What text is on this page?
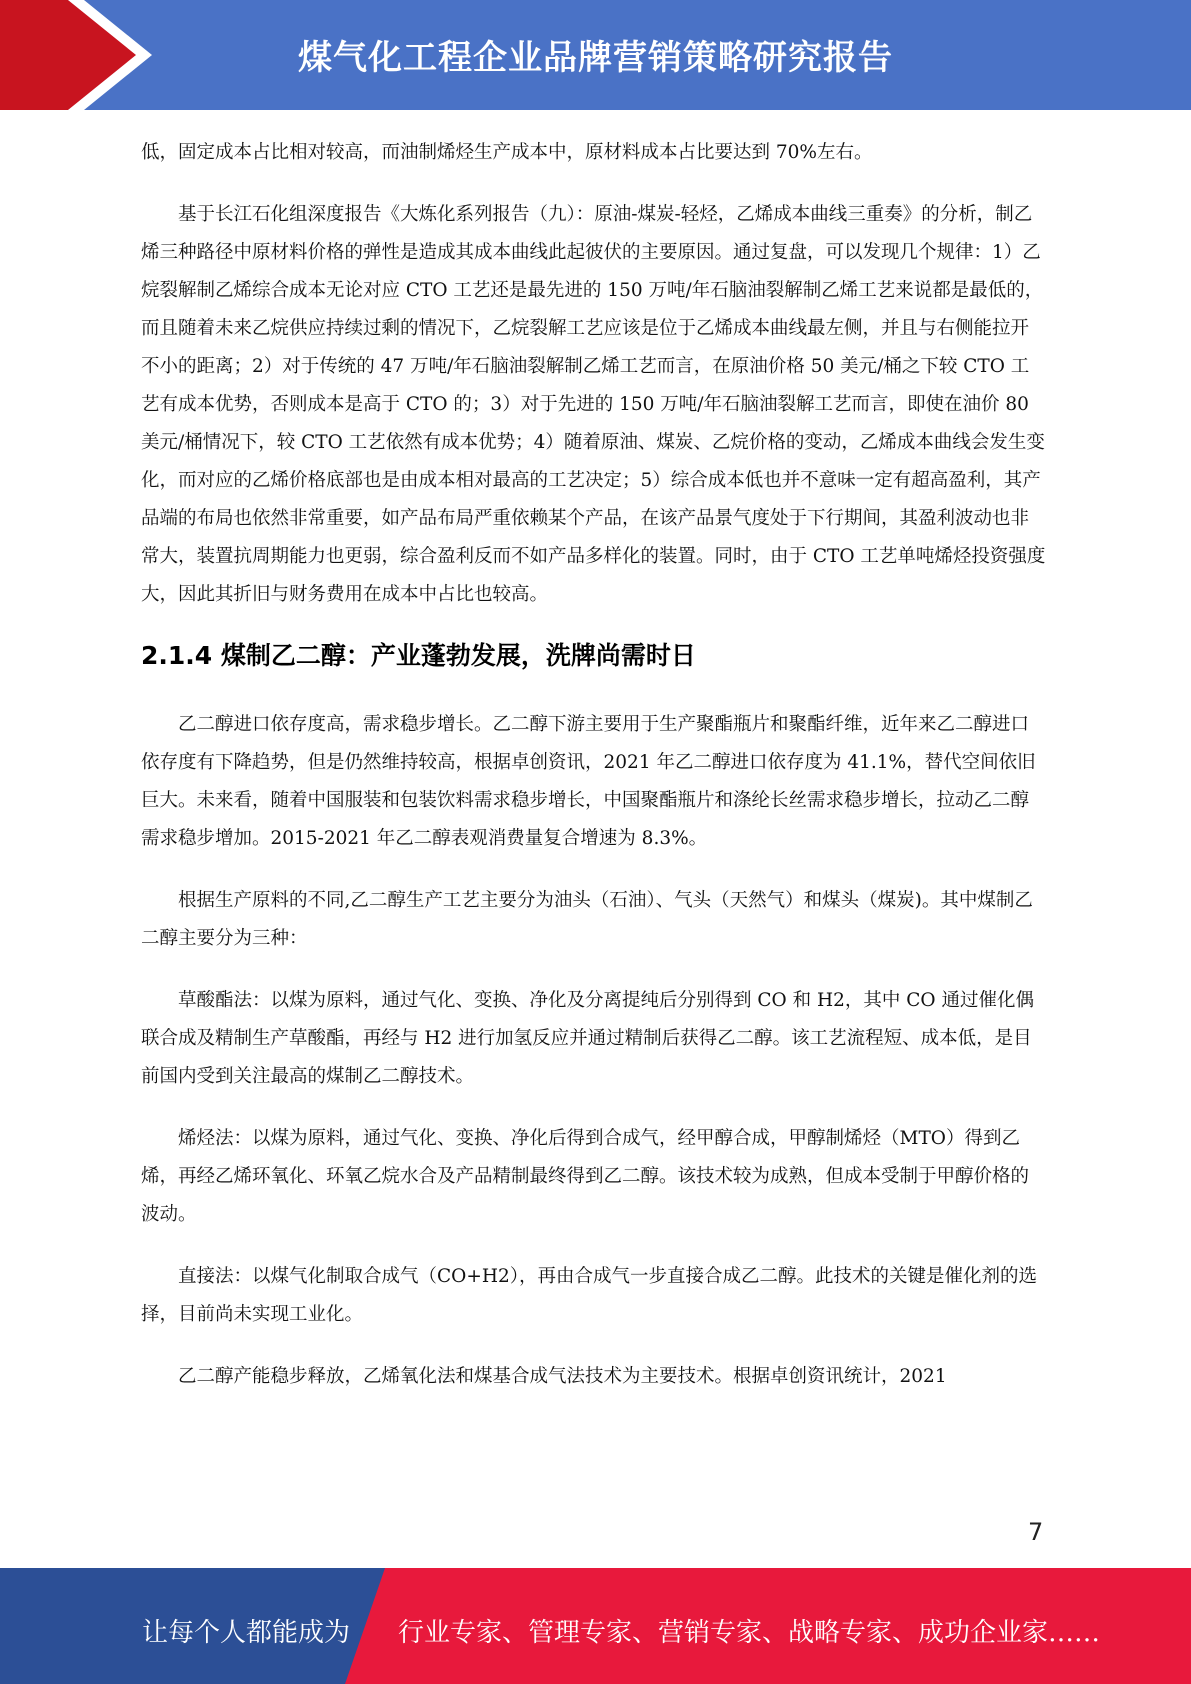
煤气化工程企业品牌营销策略研究报告

低，固定成本占比相对较高，而油制烯烃生产成本中，原材料成本占比要达到 70%左右。

基于长江石化组深度报告《大炼化系列报告（九）：原油-煤炭-轻烃，乙烯成本曲线三重奏》的分析，制乙烯三种路径中原材料价格的弹性是造成其成本曲线此起彼伏的主要原因。通过复盘，可以发现几个规律：1）乙烷裂解制乙烯综合成本无论对应 CTO 工艺还是最先进的 150 万吨/年石脑油裂解制乙烯工艺来说都是最低的，而且随着未来乙烷供应持续过剩的情况下，乙烷裂解工艺应该是位于乙烯成本曲线最左侧，并且与右侧能拉开不小的距离；2）对于传统的 47 万吨/年石脑油裂解制乙烯工艺而言，在原油价格 50 美元/桶之下较 CTO 工艺有成本优势，否则成本是高于 CTO 的；3）对于先进的 150 万吨/年石脑油裂解工艺而言，即使在油价 80 美元/桶情况下，较 CTO 工艺依然有成本优势；4）随着原油、煤炭、乙烷价格的变动，乙烯成本曲线会发生变化，而对应的乙烯价格底部也是由成本相对最高的工艺决定；5）综合成本低也并不意味一定有超高盈利，其产品端的布局也依然非常重要，如产品布局严重依赖某个产品，在该产品景气度处于下行期间，其盈利波动也非常大，装置抗周期能力也更弱，综合盈利反而不如产品多样化的装置。同时，由于 CTO 工艺单吨烯烃投资强度大，因此其折旧与财务费用在成本中占比也较高。

2.1.4 煤制乙二醇：产业蓬勃发展，洗牌尚需时日

乙二醇进口依存度高，需求稳步增长。乙二醇下游主要用于生产聚酯瓶片和聚酯纤维，近年来乙二醇进口依存度有下降趋势，但是仍然维持较高，根据卓创资讯，2021 年乙二醇进口依存度为 41.1%，替代空间依旧巨大。未来看，随着中国服装和包装饮料需求稳步增长，中国聚酯瓶片和涤纶长丝需求稳步增长，拉动乙二醇需求稳步增加。2015-2021 年乙二醇表观消费量复合增速为 8.3%。

根据生产原料的不同,乙二醇生产工艺主要分为油头（石油）、气头（天然气）和煤头（煤炭)。其中煤制乙二醇主要分为三种：

草酸酯法：以煤为原料，通过气化、变换、净化及分离提纯后分别得到 CO 和 H2，其中 CO 通过催化偶联合成及精制生产草酸酯，再经与 H2 进行加氢反应并通过精制后获得乙二醇。该工艺流程短、成本低，是目前国内受到关注最高的煤制乙二醇技术。

烯烃法：以煤为原料，通过气化、变换、净化后得到合成气，经甲醇合成，甲醇制烯烃（MTO）得到乙烯，再经乙烯环氧化、环氧乙烷水合及产品精制最终得到乙二醇。该技术较为成熟，但成本受制于甲醇价格的波动。

直接法：以煤气化制取合成气（CO+H2），再由合成气一步直接合成乙二醇。此技术的关键是催化剂的选择，目前尚未实现工业化。

乙二醇产能稳步释放，乙烯氧化法和煤基合成气法技术为主要技术。根据卓创资讯统计，2021

7
让每个人都能成为 行业专家、管理专家、营销专家、战略专家、成功企业家……
